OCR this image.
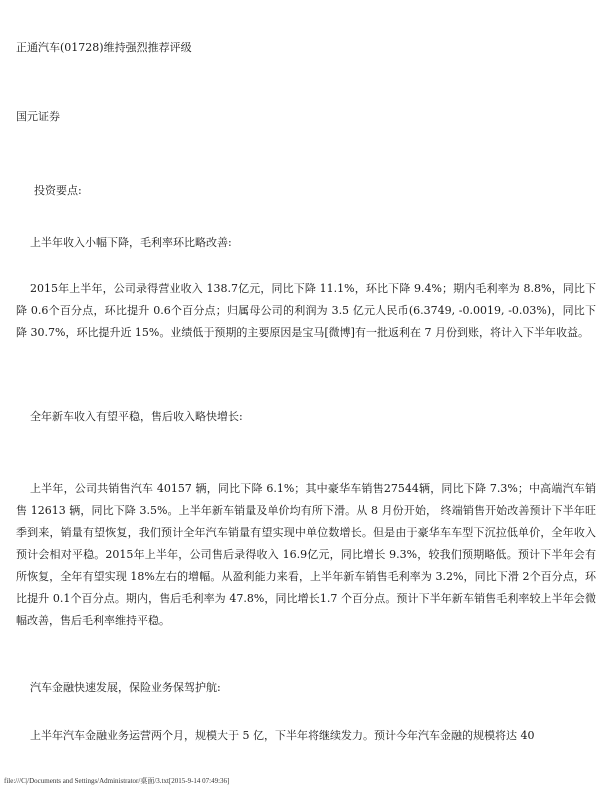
正通汽车(01728)维持强烈推荐评级
国元证券
投资要点:
上半年收入小幅下降，毛利率环比略改善:
2015年上半年，公司录得营业收入 138.7亿元，同比下降 11.1%，环比下降 9.4%；期内毛利率为 8.8%，同比下降 0.6个百分点，环比提升 0.6个百分点；归属母公司的利润为 3.5 亿元人民币(6.3749, -0.0019, -0.03%)，同比下降 30.7%，环比提升近 15%。业绩低于预期的主要原因是宝马[微博]有一批返利在 7 月份到账，将计入下半年收益。
全年新车收入有望平稳，售后收入略快增长:
上半年，公司共销售汽车 40157 辆，同比下降 6.1%；其中豪华车销售27544辆，同比下降 7.3%；中高端汽车销售 12613 辆，同比下降 3.5%。上半年新车销量及单价均有所下滑。从 8 月份开始， 终端销售开始改善预计下半年旺季到来，销量有望恢复，我们预计全年汽车销量有望实现中单位数增长。但是由于豪华车车型下沉拉低单价，全年收入预计会相对平稳。2015年上半年，公司售后录得收入 16.9亿元，同比增长 9.3%，较我们预期略低。预计下半年会有所恢复，全年有望实现 18%左右的增幅。从盈利能力来看，上半年新车销售毛利率为 3.2%，同比下滑 2个百分点，环比提升 0.1个百分点。期内，售后毛利率为 47.8%，同比增长1.7 个百分点。预计下半年新车销售毛利率较上半年会微幅改善，售后毛利率维持平稳。
汽车金融快速发展，保险业务保驾护航:
上半年汽车金融业务运营两个月，规模大于 5 亿，下半年将继续发力。预计今年汽车金融的规模将达 40
file:///C|/Documents and Settings/Administrator/桌面/3.txt[2015-9-14 07:49:36]
